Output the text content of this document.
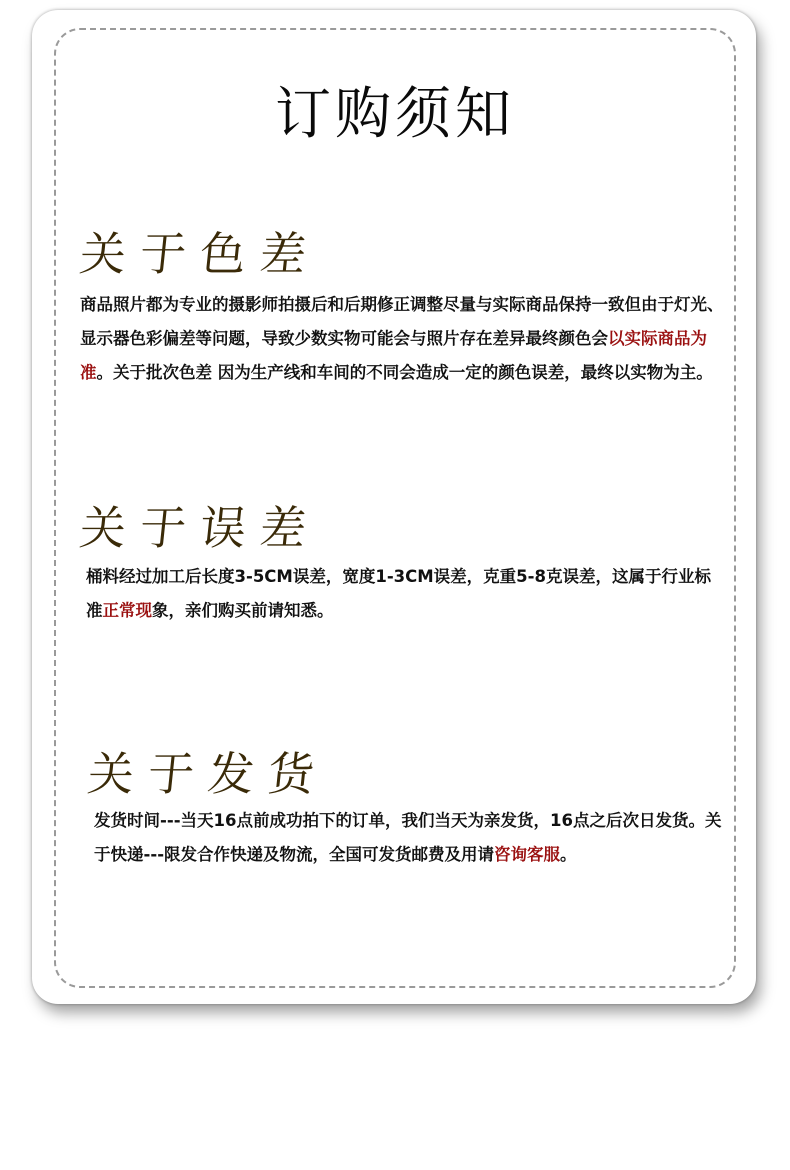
订购须知
关于色差
商品照片都为专业的摄影师拍摄后和后期修正调整尽量与实际商品保持一致但由于灯光、显示器色彩偏差等问题，导致少数实物可能会与照片存在差异最终颜色会以实际商品为准。关于批次色差 因为生产线和车间的不同会造成一定的颜色误差，最终以实物为主。
关于误差
桶料经过加工后长度3-5CM误差，宽度1-3CM误差，克重5-8克误差，这属于行业标准正常现象，亲们购买前请知悉。
关于发货
发货时间---当天16点前成功拍下的订单，我们当天为亲发货，16点之后次日发货。关于快递---限发合作快递及物流，全国可发货邮费及用请咨询客服。
